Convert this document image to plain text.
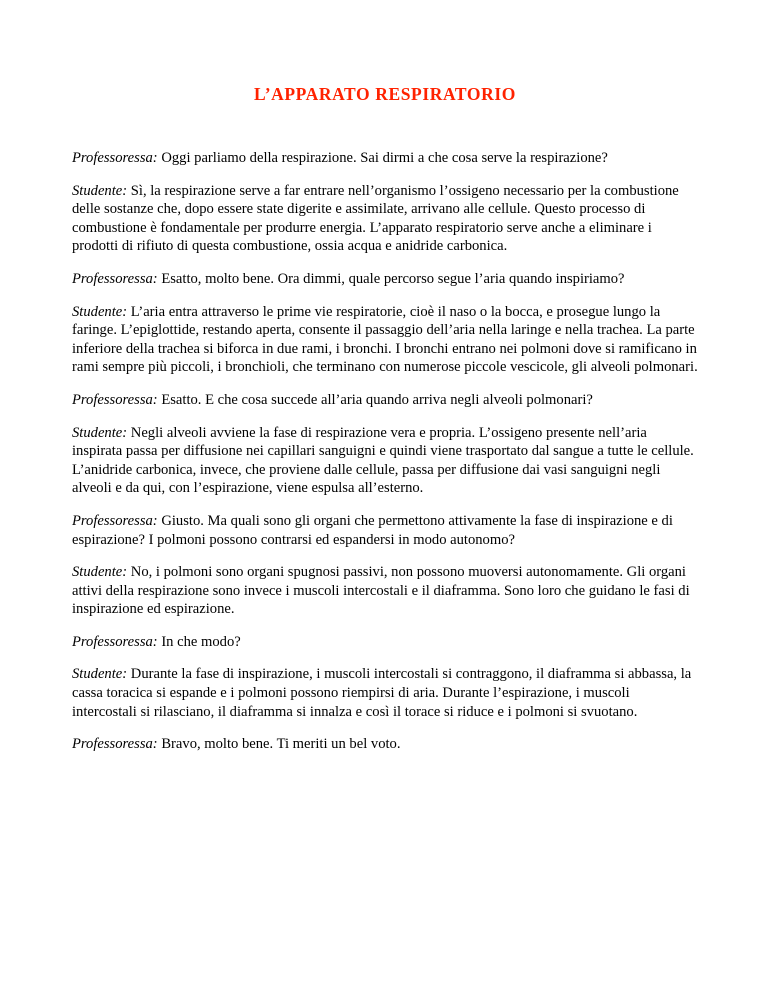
L’APPARATO RESPIRATORIO

Professoressa: Oggi parliamo della respirazione. Sai dirmi a che cosa serve la respirazione?

Studente: Sì, la respirazione serve a far entrare nell’organismo l’ossigeno necessario per la combustione delle sostanze che, dopo essere state digerite e assimilate, arrivano alle cellule. Questo processo di combustione è fondamentale per produrre energia. L’apparato respiratorio serve anche a eliminare i prodotti di rifiuto di questa combustione, ossia acqua e anidride carbonica.

Professoressa: Esatto, molto bene. Ora dimmi, quale percorso segue l’aria quando inspiriamo?

Studente: L’aria entra attraverso le prime vie respiratorie, cioè il naso o la bocca, e prosegue lungo la faringe. L’epiglottide, restando aperta, consente il passaggio dell’aria nella laringe e nella trachea. La parte inferiore della trachea si biforca in due rami, i bronchi. I bronchi entrano nei polmoni dove si ramificano in rami sempre più piccoli, i bronchioli, che terminano con numerose piccole vescicole, gli alveoli polmonari.

Professoressa: Esatto. E che cosa succede all’aria quando arriva negli alveoli polmonari?

Studente: Negli alveoli avviene la fase di respirazione vera e propria. L’ossigeno presente nell’aria inspirata passa per diffusione nei capillari sanguigni e quindi viene trasportato dal sangue a tutte le cellule. L’anidride carbonica, invece, che proviene dalle cellule, passa per diffusione dai vasi sanguigni negli alveoli e da qui, con l’espirazione, viene espulsa all’esterno.

Professoressa: Giusto. Ma quali sono gli organi che permettono attivamente la fase di inspirazione e di espirazione? I polmoni possono contrarsi ed espandersi in modo autonomo?

Studente: No, i polmoni sono organi spugnosi passivi, non possono muoversi autonomamente. Gli organi attivi della respirazione sono invece i muscoli intercostali e il diaframma. Sono loro che guidano le fasi di inspirazione ed espirazione.

Professoressa: In che modo?

Studente: Durante la fase di inspirazione, i muscoli intercostali si contraggono, il diaframma si abbassa, la cassa toracica si espande e i polmoni possono riempirsi di aria. Durante l’espirazione, i muscoli intercostali si rilasciano, il diaframma si innalza e così il torace si riduce e i polmoni si svuotano.

Professoressa: Bravo, molto bene. Ti meriti un bel voto.
